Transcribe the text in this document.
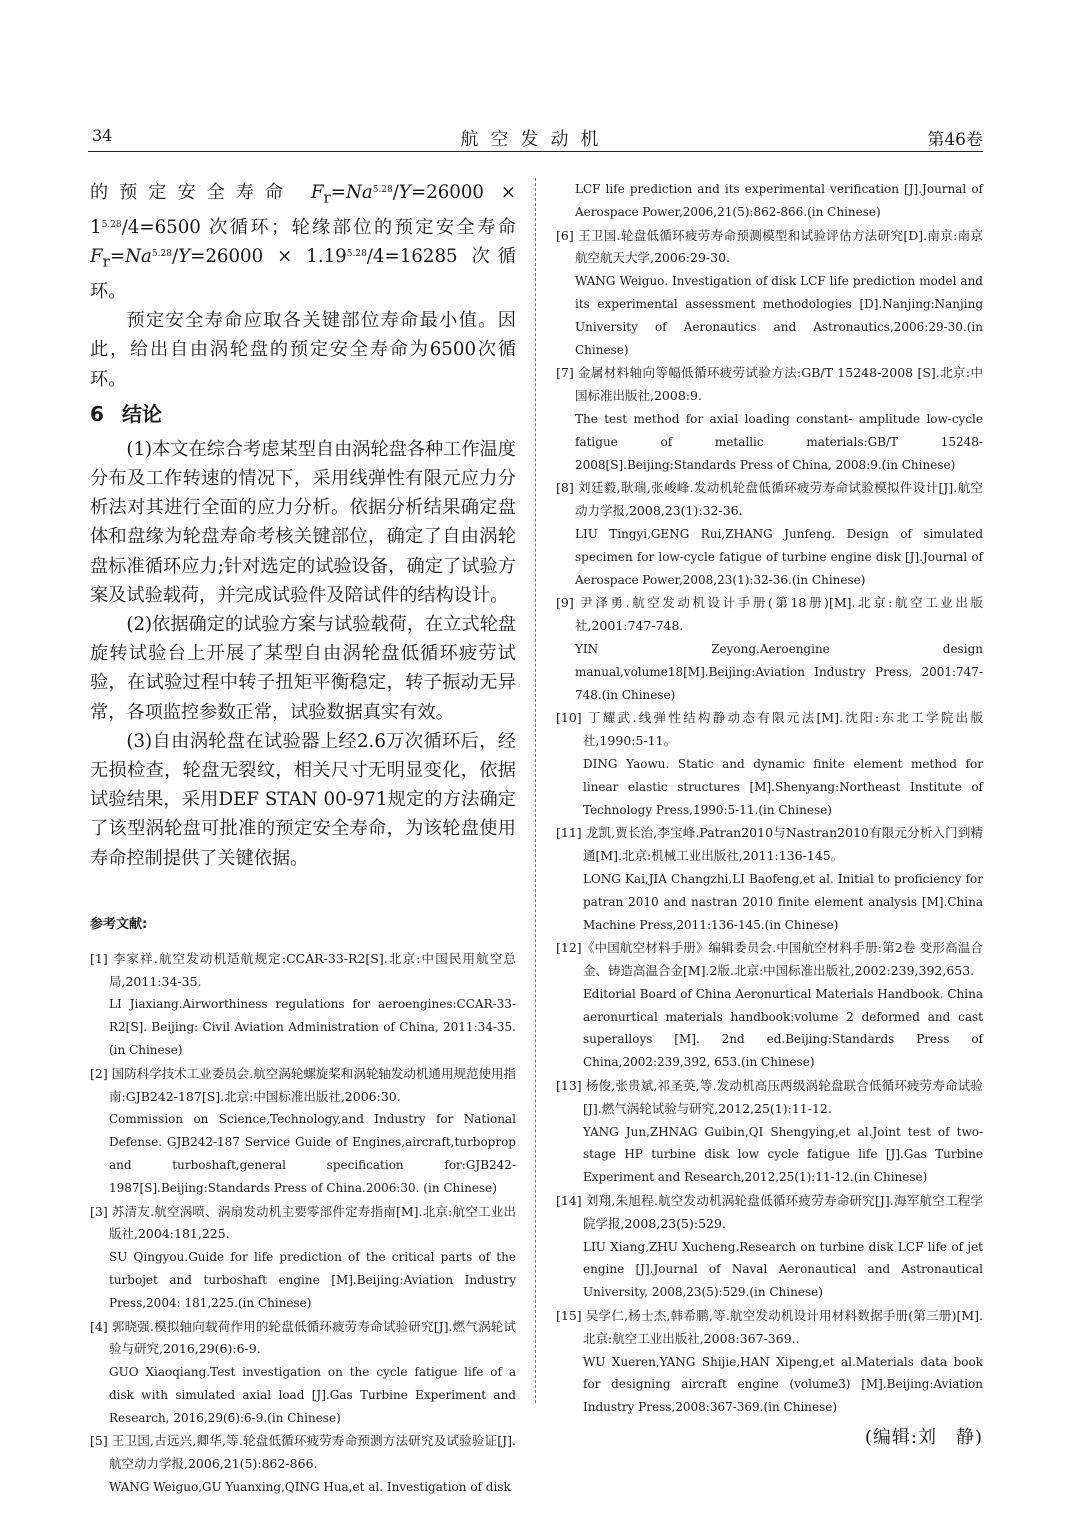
34	航空发动机	第46卷

的预定安全寿命 $F_r=Na^{5.28}/Y=26000 \times 1^{5.28}/4=6500$ 次循环；轮缘部位的预定安全寿命 $F_r=Na^{5.28}/Y=26000 \times 1.19^{5.28}/4=16285$ 次循环。

预定安全寿命应取各关键部位寿命最小值。因此，给出自由涡轮盘的预定安全寿命为6500次循环。

6 结论

(1)本文在综合考虑某型自由涡轮盘各种工作温度分布及工作转速的情况下，采用线弹性有限元应力分析法对其进行全面的应力分析。依据分析结果确定盘体和盘缘为轮盘寿命考核关键部位，确定了自由涡轮盘标准循环应力;针对选定的试验设备，确定了试验方案及试验载荷，并完成试验件及陪试件的结构设计。

(2)依据确定的试验方案与试验载荷，在立式轮盘旋转试验台上开展了某型自由涡轮盘低循环疲劳试验，在试验过程中转子扭矩平衡稳定，转子振动无异常，各项监控参数正常，试验数据真实有效。

(3)自由涡轮盘在试验器上经2.6万次循环后，经无损检查，轮盘无裂纹，相关尺寸无明显变化，依据试验结果，采用DEF STAN 00-971规定的方法确定了该型涡轮盘可批准的预定安全寿命，为该轮盘使用寿命控制提供了关键依据。

参考文献:
[1] 李家祥.航空发动机适航规定:CCAR-33-R2[S].北京:中国民用航空总局,2011:34-35.
LI Jiaxiang.Airworthiness regulations for aeroengines:CCAR-33-R2[S]. Beijing: Civil Aviation Administration of China, 2011:34-35.(in Chinese)
[2] 国防科学技术工业委员会.航空涡轮螺旋桨和涡轮轴发动机通用规范使用指南:GJB242-187[S].北京:中国标准出版社,2006:30.
Commission on Science,Technology,and Industry for National Defense. GJB242-187 Service Guide of Engines,aircraft,turboprop and turboshaft,general specification for:GJB242-1987[S].Beijing:Standards Press of China.2006:30. (in Chinese)
[3] 苏清友.航空涡喷、涡扇发动机主要零部件定寿指南[M].北京:航空工业出版社,2004:181,225.
SU Qingyou.Guide for life prediction of the critical parts of the turbojet and turboshaft engine [M].Beijing:Aviation Industry Press,2004: 181,225.(in Chinese)
[4] 郭晓强.模拟轴向载荷作用的轮盘低循环疲劳寿命试验研究[J].燃气涡轮试验与研究,2016,29(6):6-9.
GUO Xiaoqiang.Test investigation on the cycle fatigue life of a disk with simulated axial load [J].Gas Turbine Experiment and Research, 2016,29(6):6-9.(in Chinese)
[5] 王卫国,古远兴,卿华,等.轮盘低循环疲劳寿命预测方法研究及试验验证[J].航空动力学报,2006,21(5):862-866.
WANG Weiguo,GU Yuanxing,QING Hua,et al. Investigation of disk
LCF life prediction and its experimental verification [J].Journal of Aerospace Power,2006,21(5):862-866.(in Chinese)
[6] 王卫国.轮盘低循环疲劳寿命预测模型和试验评估方法研究[D].南京:南京航空航天大学,2006:29-30.
WANG Weiguo. Investigation of disk LCF life prediction model and its experimental assessment methodologies [D].Nanjing:Nanjing University of Aeronautics and Astronautics,2006:29-30.(in Chinese)
[7] 金属材料轴向等幅低循环疲劳试验方法:GB/T 15248-2008 [S].北京:中国标准出版社,2008:9.
The test method for axial loading constant- amplitude low-cycle fatigue of metallic materials:GB/T 15248-2008[S].Beijing:Standards Press of China, 2008:9.(in Chinese)
[8] 刘廷毅,耿瑞,张峻峰.发动机轮盘低循环疲劳寿命试验模拟件设计[J].航空动力学报,2008,23(1):32-36.
LIU Tingyi,GENG Rui,ZHANG Junfeng. Design of simulated specimen for low-cycle fatigue of turbine engine disk [J].Journal of Aerospace Power,2008,23(1):32-36.(in Chinese)
[9] 尹泽勇.航空发动机设计手册(第18册)[M].北京:航空工业出版社,2001:747-748.
YIN Zeyong.Aeroengine design manual,volume18[M].Beijing:Aviation Industry Press, 2001:747-748.(in Chinese)
[10] 丁耀武.线弹性结构静动态有限元法[M].沈阳:东北工学院出版社,1990:5-11。
DING Yaowu. Static and dynamic finite element method for linear elastic structures [M].Shenyang:Northeast Institute of Technology Press,1990:5-11.(in Chinese)
[11] 龙凯,贾长治,李宝峰.Patran2010与Nastran2010有限元分析入门到精通[M].北京:机械工业出版社,2011:136-145。
LONG Kai,JIA Changzhi,LI Baofeng,et al. Initial to proficiency for patran 2010 and nastran 2010 finite element analysis [M].China Machine Press,2011:136-145.(in Chinese)
[12]《中国航空材料手册》编辑委员会.中国航空材料手册:第2卷 变形高温合金、铸造高温合金[M].2版.北京:中国标准出版社,2002:239,392,653.
Editorial Board of China Aeronurtical Materials Handbook. China aeronurtical materials handbook:volume 2 deformed and cast superalloys [M]. 2nd ed.Beijing:Standards Press of China,2002:239,392, 653.(in Chinese)
[13] 杨俊,张贵斌,祁圣英,等.发动机高压两级涡轮盘联合低循环疲劳寿命试验[J].燃气涡轮试验与研究,2012,25(1):11-12.
YANG Jun,ZHNAG Guibin,QI Shengying,et al.Joint test of two-stage HP turbine disk low cycle fatigue life [J].Gas Turbine Experiment and Research,2012,25(1):11-12.(in Chinese)
[14] 刘翔,朱旭程.航空发动机涡轮盘低循环疲劳寿命研究[J].海军航空工程学院学报,2008,23(5):529.
LIU Xiang,ZHU Xucheng.Research on turbine disk LCF life of jet engine [J].Journal of Naval Aeronautical and Astronautical University, 2008,23(5):529.(in Chinese)
[15] 吴学仁,杨士杰,韩希鹏,等.航空发动机设计用材料数据手册(第三册)[M].北京:航空工业出版社,2008:367-369..
WU Xueren,YANG Shijie,HAN Xipeng,et al.Materials data book for designing aircraft engine (volume3) [M].Beijing:Aviation Industry Press,2008:367-369.(in Chinese)
(编辑:刘　静)
